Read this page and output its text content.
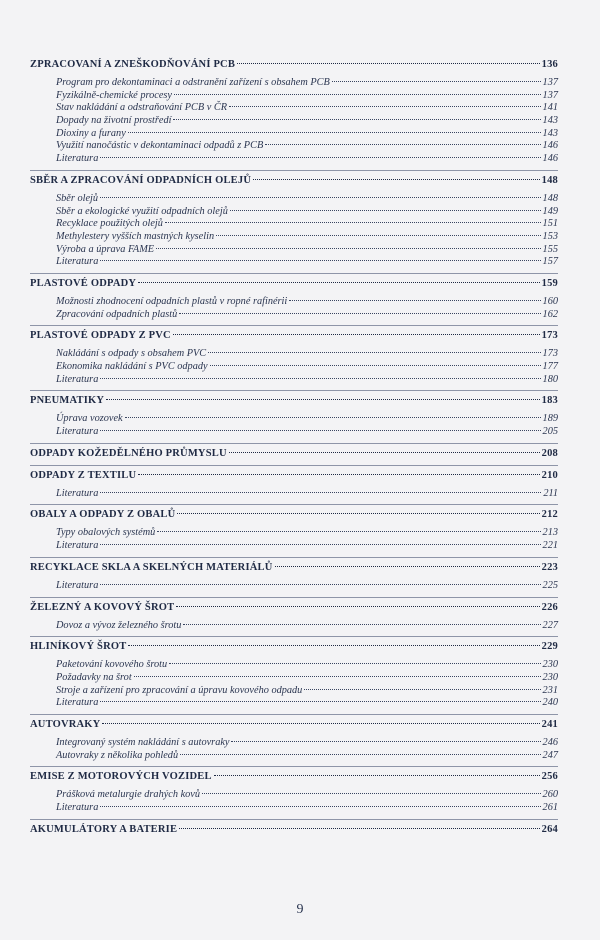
ZPRACOVANÍ A ZNEŠKODŇOVÁNÍ PCB	136
Program pro dekontaminaci a odstranění zařízení s obsahem PCB	137
Fyzikálně-chemické procesy	137
Stav nakládání a odstraňování PCB v ČR	141
Dopady na životní prostředí	143
Dioxiny a furany	143
Využití nanočástic v dekontaminaci odpadů z PCB	146
Literatura	146
SBĚR A ZPRACOVÁNÍ ODPADNÍCH OLEJŮ	148
Sběr olejů	148
Sběr a ekologické využití odpadních olejů	149
Recyklace použitých olejů	151
Methylestery vyšších mastných kyselin	153
Výroba a úprava FAME	155
Literatura	157
PLASTOVÉ ODPADY	159
Možnosti zhodnocení odpadních plastů v ropné rafinérii	160
Zpracování odpadních plastů	162
PLASTOVÉ ODPADY Z PVC	173
Nakládání s odpady s obsahem PVC	173
Ekonomika nakládání s PVC odpady	177
Literatura	180
PNEUMATIKY	183
Úprava vozovek	189
Literatura	205
ODPADY KOŽEDĚLNÉHO PRŮMYSLU	208
ODPADY Z TEXTILU	210
Literatura	211
OBALY A ODPADY Z OBALŮ	212
Typy obalových systémů	213
Literatura	221
RECYKLACE SKLA A SKELNÝCH MATERIÁLŮ	223
Literatura	225
ŽELEZNÝ A KOVOVÝ ŠROT	226
Dovoz a vývoz železného šrotu	227
HLINÍKOVÝ ŠROT	229
Paketování kovového šrotu	230
Požadavky na šrot	230
Stroje a zařízení pro zpracování a úpravu kovového odpadu	231
Literatura	240
AUTOVRAKY	241
Integrovaný systém nakládání s autovraky	246
Autovraky z několika pohledů	247
EMISE Z MOTOROVÝCH VOZIDEL	256
Prášková metalurgie drahých kovů	260
Literatura	261
AKUMULÁTORY A BATERIE	264
9
